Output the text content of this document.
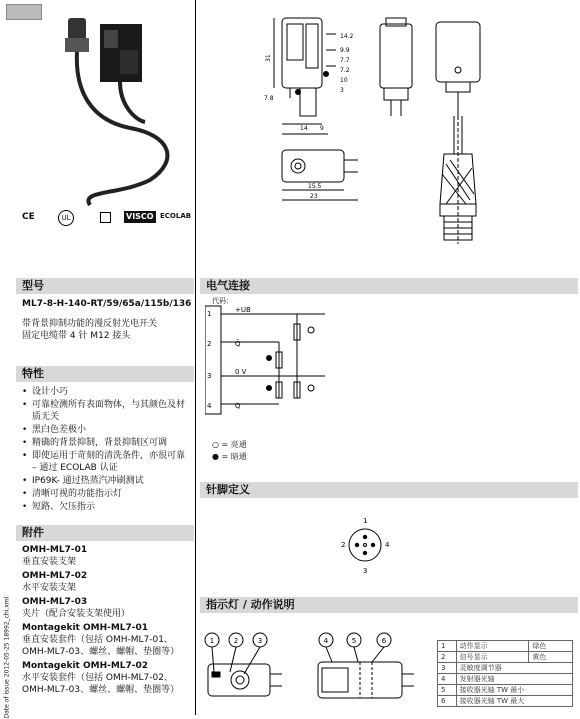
CE	UL	VISCO ECOLAB
31
14.2
9.9
7.7
7.2
10
3
7.8
14 9
15.5
23
型号
ML7-8-H-140-RT/59/65a/115b/136
带背景抑制功能的漫反射光电开关
固定电缆带 4 针 M12 接头
特性
• 设计小巧
• 可靠检测所有表面物体，与其颜色及材质无关
• 黑白色差极小
• 精确的背景抑制，背景抑制区可调
• 即使运用于苛刻的清洗条件，亦很可靠 – 通过 ECOLAB 认证
• IP69K- 通过热蒸汽冲刷测试
• 清晰可视的功能指示灯
• 短路、欠压指示
附件
OMH-ML7-01
垂直安装支架
OMH-ML7-02
水平安装支架
OMH-ML7-03
夹片（配合安装支架使用）
Montagekit OMH-ML7-01
垂直安装套件（包括 OMH-ML7-01、OMH-ML7-03、螺丝、螺帽、垫圈等）
Montagekit OMH-ML7-02
水平安装套件（包括 OMH-ML7-02、OMH-ML7-03、螺丝、螺帽、垫圈等）
Date of issue 2012-05-25 18992_chi.xml
电气连接
代码：
1
2
3
4
+UB
Q̄
0 V
Q
○ = 亮通
● = 暗通
针脚定义
1
2	4
3
指示灯 / 动作说明
1	2	3	4	5	6
1	动作显示	绿色
2	信号显示	黄色
3	灵敏度调节器	
4	发射器光轴	
5	接收器光轴 TW 最小	
6	接收器光轴 TW 最大	
